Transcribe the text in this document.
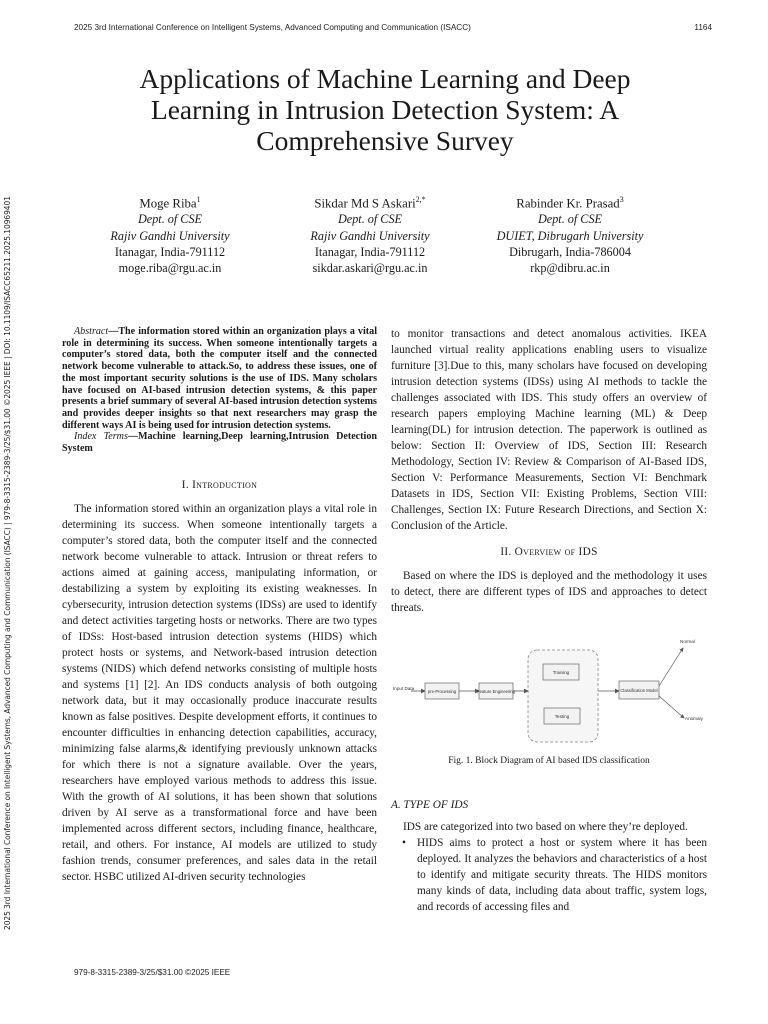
2025 3rd International Conference on Intelligent Systems, Advanced Computing and Communication (ISACC)	1164
2025 3rd International Conference on Intelligent Systems, Advanced Computing and Communication (ISACC) | 979-8-3315-2389-3/25/$31.00 ©2025 IEEE | DOI: 10.1109/ISACC65211.2025.10969401
Applications of Machine Learning and Deep Learning in Intrusion Detection System: A Comprehensive Survey
Moge Riba$^1$
Dept. of CSE
Rajiv Gandhi University
Itanagar, India-791112
moge.riba@rgu.ac.in
Sikdar Md S Askari$^{2,*}$
Dept. of CSE
Rajiv Gandhi University
Itanagar, India-791112
sikdar.askari@rgu.ac.in
Rabinder Kr. Prasad$^3$
Dept. of CSE
DUIET, Dibrugarh University
Dibrugarh, India-786004
rkp@dibru.ac.in

Abstract—The information stored within an organization plays a vital role in determining its success. When someone intentionally targets a computer’s stored data, both the computer itself and the connected network become vulnerable to attack.So, to address these issues, one of the most important security solutions is the use of IDS. Many scholars have focused on AI-based intrusion detection systems, & this paper presents a brief summary of several AI-based intrusion detection systems and provides deeper insights so that next researchers may grasp the different ways AI is being used for intrusion detection systems.

Index Terms—Machine learning,Deep learning,Intrusion Detection System

I. Introduction

The information stored within an organization plays a vital role in determining its success. When someone intentionally targets a computer’s stored data, both the computer itself and the connected network become vulnerable to attack. Intrusion or threat refers to actions aimed at gaining access, manipulating information, or destabilizing a system by exploiting its existing weaknesses. In cybersecurity, intrusion detection systems (IDSs) are used to identify and detect activities targeting hosts or networks. There are two types of IDSs: Host-based intrusion detection systems (HIDS) which protect hosts or systems, and Network-based intrusion detection systems (NIDS) which defend networks consisting of multiple hosts and systems [1] [2]. An IDS conducts analysis of both outgoing network data, but it may occasionally produce inaccurate results known as false positives. Despite development efforts, it continues to encounter difficulties in enhancing detection capabilities, accuracy, minimizing false alarms,& identifying previously unknown attacks for which there is not a signature available. Over the years, researchers have employed various methods to address this issue. With the growth of AI solutions, it has been shown that solutions driven by AI serve as a transformational force and have been implemented across different sectors, including finance, healthcare, retail, and others. For instance, AI models are utilized to study fashion trends, consumer preferences, and sales data in the retail sector. HSBC utilized AI-driven security technologies

to monitor transactions and detect anomalous activities. IKEA launched virtual reality applications enabling users to visualize furniture [3].Due to this, many scholars have focused on developing intrusion detection systems (IDSs) using AI methods to tackle the challenges associated with IDS. This study offers an overview of research papers employing Machine learning (ML) & Deep learning(DL) for intrusion detection. The paperwork is outlined as below: Section II: Overview of IDS, Section III: Research Methodology, Section IV: Review & Comparison of AI-Based IDS, Section V: Performance Measurements, Section VI: Benchmark Datasets in IDS, Section VII: Existing Problems, Section VIII: Challenges, Section IX: Future Research Directions, and Section X: Conclusion of the Article.

II. Overview of IDS

Based on where the IDS is deployed and the methodology it uses to detect, there are different types of IDS and approaches to detect threats.

Input Data
pre-Processing	Feature Engineering
Training
Testing
Classification Model
Normal
Anomaly
Fig. 1. Block Diagram of AI based IDS classification

A. TYPE OF IDS

IDS are categorized into two based on where they’re deployed.

• HIDS aims to protect a host or system where it has been deployed. It analyzes the behaviors and characteristics of a host to identify and mitigate security threats. The HIDS monitors many kinds of data, including data about traffic, system logs, and records of accessing files and
979-8-3315-2389-3/25/$31.00 ©2025 IEEE
